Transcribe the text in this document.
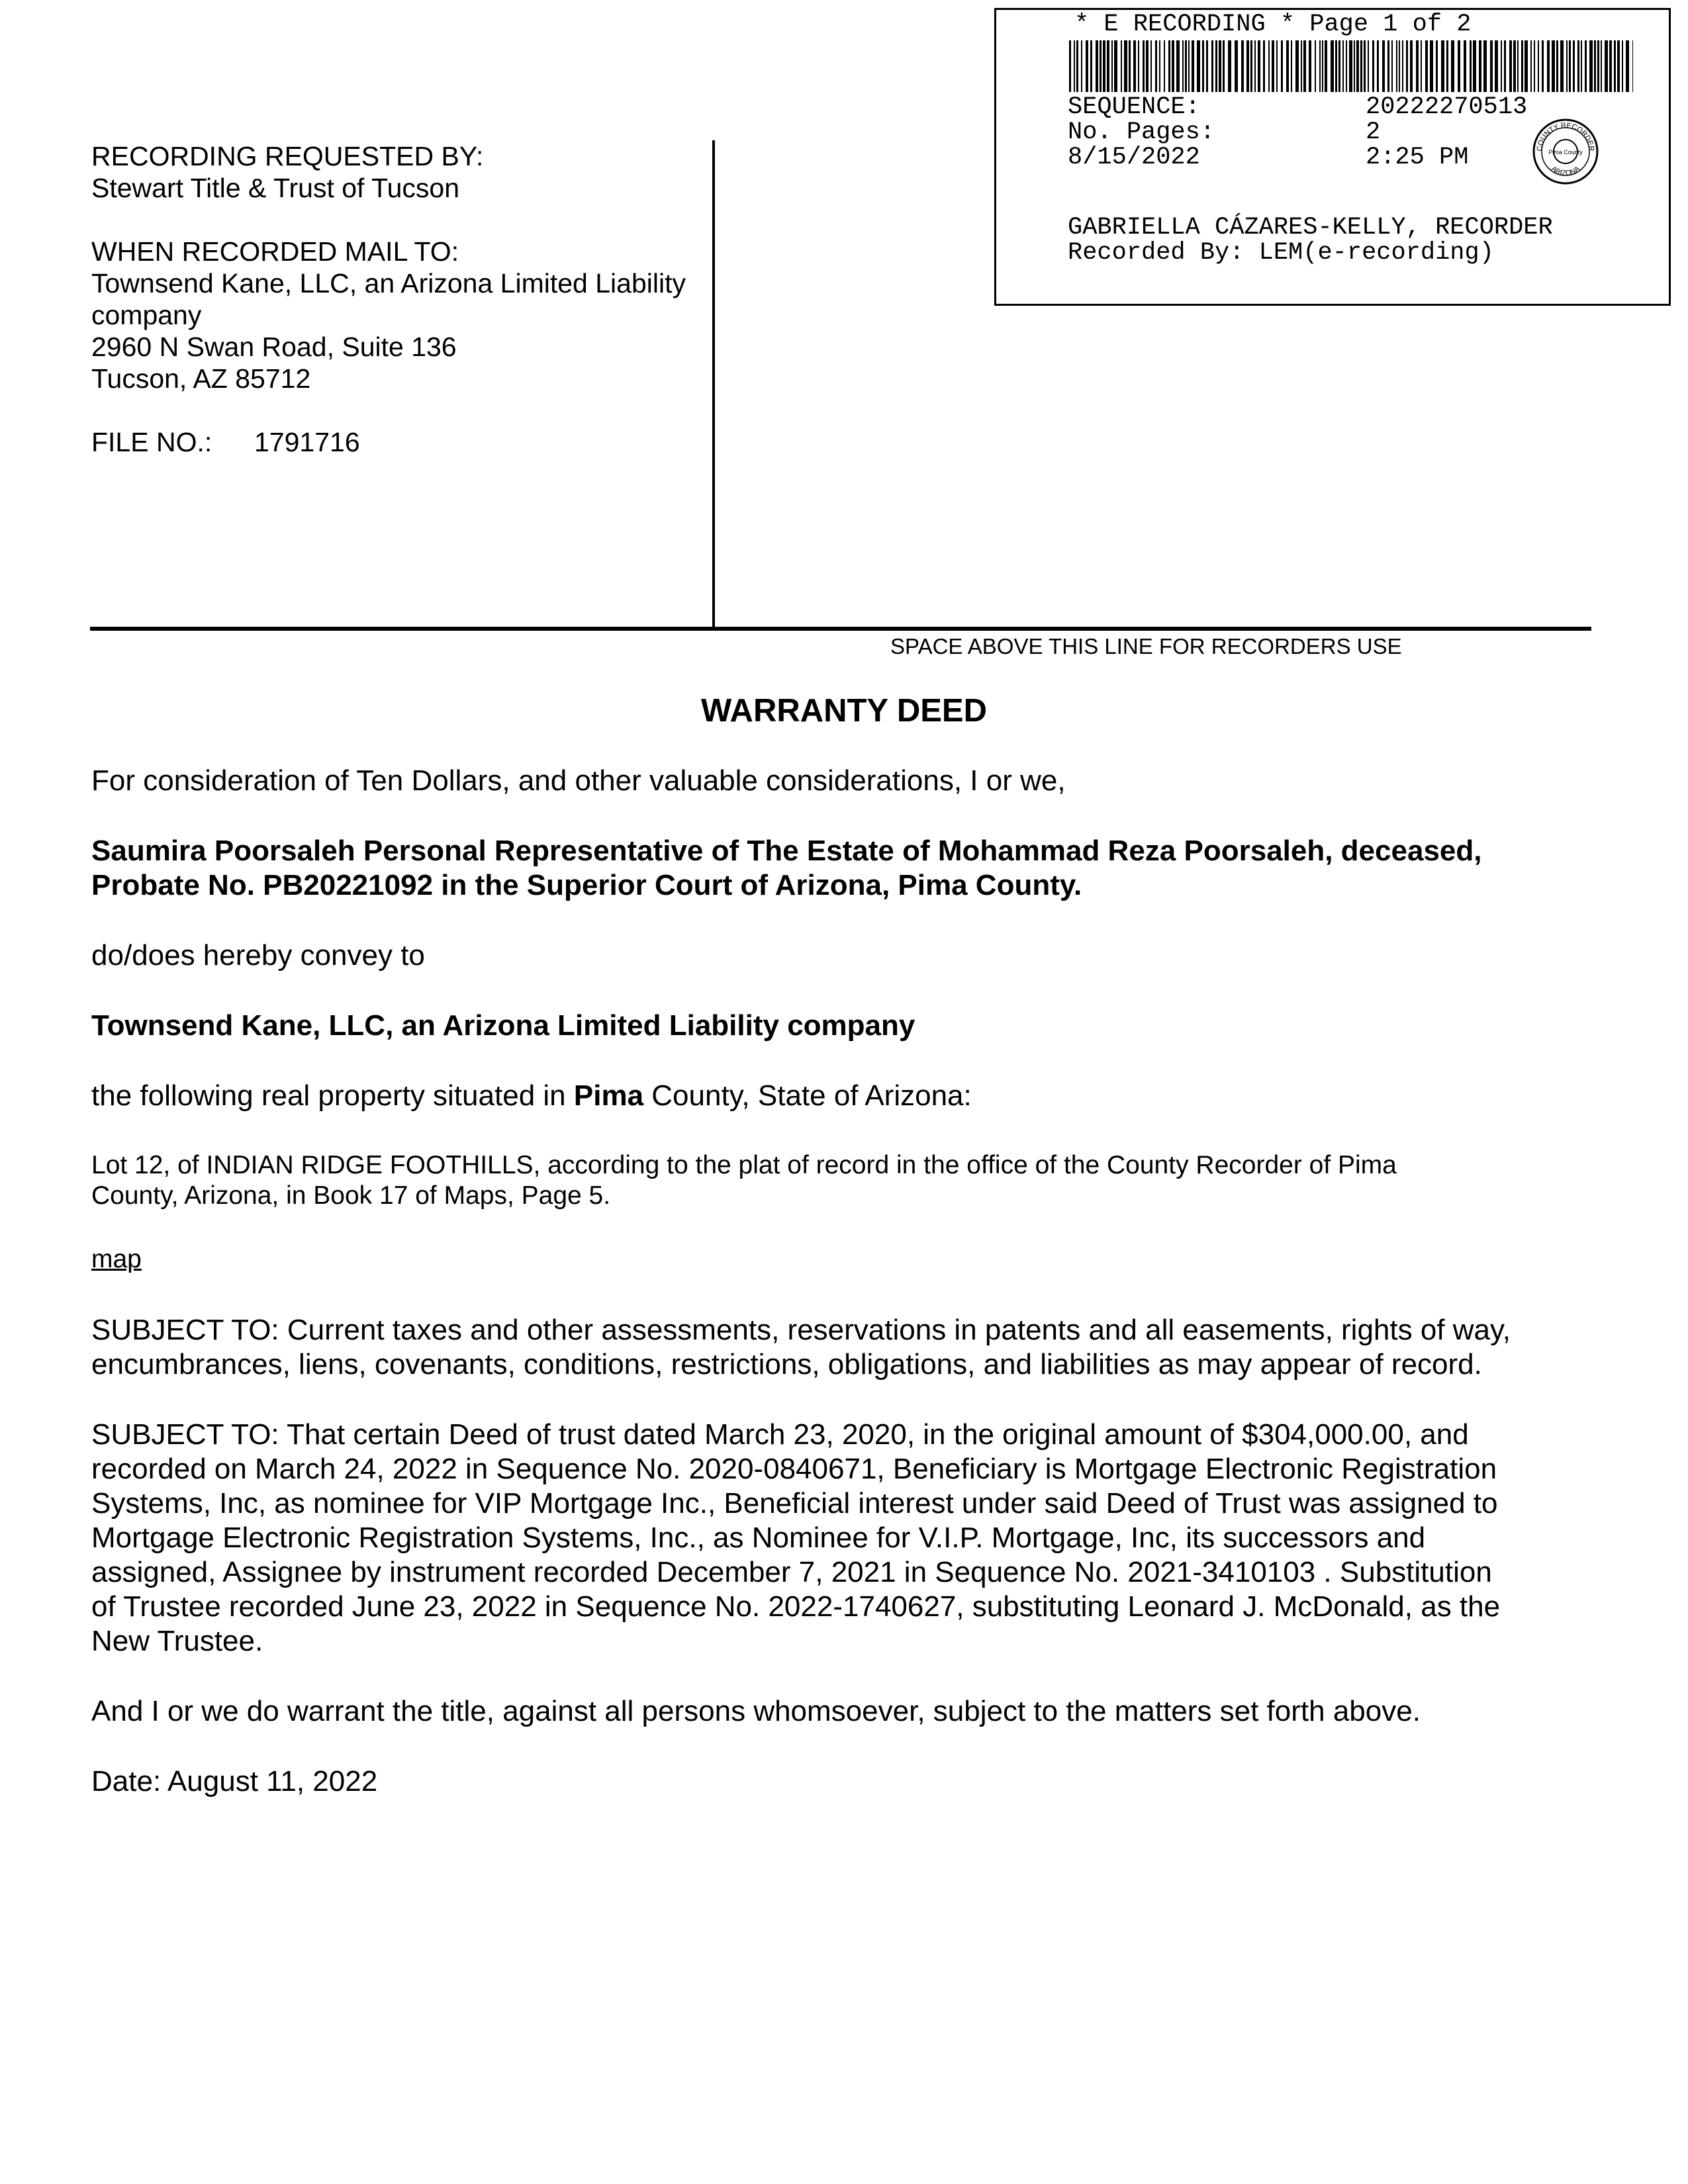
* E RECORDING * Page 1 of 2
SEQUENCE:	20222270513
No. Pages:	2
8/15/2022	2:25 PM	COUNTY RECORDER
ARIZONA
Pima County
GABRIELLA CÁZARES-KELLY, RECORDER
Recorded By: LEM(e-recording)
RECORDING REQUESTED BY:
Stewart Title & Trust of Tucson
WHEN RECORDED MAIL TO:
Townsend Kane, LLC, an Arizona Limited Liability
company
2960 N Swan Road, Suite 136
Tucson, AZ 85712
FILE NO.: 1791716
SPACE ABOVE THIS LINE FOR RECORDERS USE
WARRANTY DEED
For consideration of Ten Dollars, and other valuable considerations, I or we,
Saumira Poorsaleh Personal Representative of The Estate of Mohammad Reza Poorsaleh, deceased,
Probate No. PB20221092 in the Superior Court of Arizona, Pima County.
do/does hereby convey to
Townsend Kane, LLC, an Arizona Limited Liability company
the following real property situated in Pima County, State of Arizona:
Lot 12, of INDIAN RIDGE FOOTHILLS, according to the plat of record in the office of the County Recorder of Pima
County, Arizona, in Book 17 of Maps, Page 5.
map
SUBJECT TO: Current taxes and other assessments, reservations in patents and all easements, rights of way,
encumbrances, liens, covenants, conditions, restrictions, obligations, and liabilities as may appear of record.
SUBJECT TO: That certain Deed of trust dated March 23, 2020, in the original amount of $304,000.00, and
recorded on March 24, 2022 in Sequence No. 2020-0840671, Beneficiary is Mortgage Electronic Registration
Systems, Inc, as nominee for VIP Mortgage Inc., Beneficial interest under said Deed of Trust was assigned to
Mortgage Electronic Registration Systems, Inc., as Nominee for V.I.P. Mortgage, Inc, its successors and
assigned, Assignee by instrument recorded December 7, 2021 in Sequence No. 2021-3410103 . Substitution
of Trustee recorded June 23, 2022 in Sequence No. 2022-1740627, substituting Leonard J. McDonald, as the
New Trustee.
And I or we do warrant the title, against all persons whomsoever, subject to the matters set forth above.
Date: August 11, 2022
